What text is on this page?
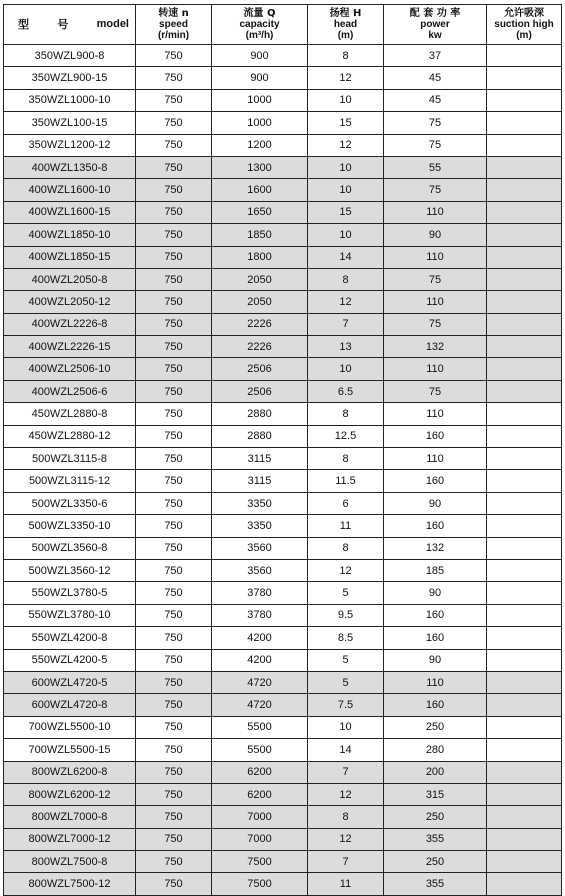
型 号 model	转速 n
speed
(r/min)	流量 Q
capacity
(m³/h)	扬程 H
head
(m)	配 套 功 率
power
kw	允许吸深
suction high
(m)

350WZL900-8	750	900	8	37	
350WZL900-15	750	900	12	45	
350WZL1000-10	750	1000	10	45	
350WZL100-15	750	1000	15	75	
350WZL1200-12	750	1200	12	75	
400WZL1350-8	750	1300	10	55	
400WZL1600-10	750	1600	10	75	
400WZL1600-15	750	1650	15	110	
400WZL1850-10	750	1850	10	90	
400WZL1850-15	750	1800	14	110	
400WZL2050-8	750	2050	8	75	
400WZL2050-12	750	2050	12	110	
400WZL2226-8	750	2226	7	75	
400WZL2226-15	750	2226	13	132	
400WZL2506-10	750	2506	10	110	
400WZL2506-6	750	2506	6.5	75	
450WZL2880-8	750	2880	8	110	
450WZL2880-12	750	2880	12.5	160	
500WZL3115-8	750	3115	8	110	
500WZL3115-12	750	3115	11.5	160	
500WZL3350-6	750	3350	6	90	
500WZL3350-10	750	3350	11	160	
500WZL3560-8	750	3560	8	132	
500WZL3560-12	750	3560	12	185	
550WZL3780-5	750	3780	5	90	
550WZL3780-10	750	3780	9.5	160	
550WZL4200-8	750	4200	8.5	160	
550WZL4200-5	750	4200	5	90	
600WZL4720-5	750	4720	5	110	
600WZL4720-8	750	4720	7.5	160	
700WZL5500-10	750	5500	10	250	
700WZL5500-15	750	5500	14	280	
800WZL6200-8	750	6200	7	200	
800WZL6200-12	750	6200	12	315	
800WZL7000-8	750	7000	8	250	
800WZL7000-12	750	7000	12	355	
800WZL7500-8	750	7500	7	250	
800WZL7500-12	750	7500	11	355	
